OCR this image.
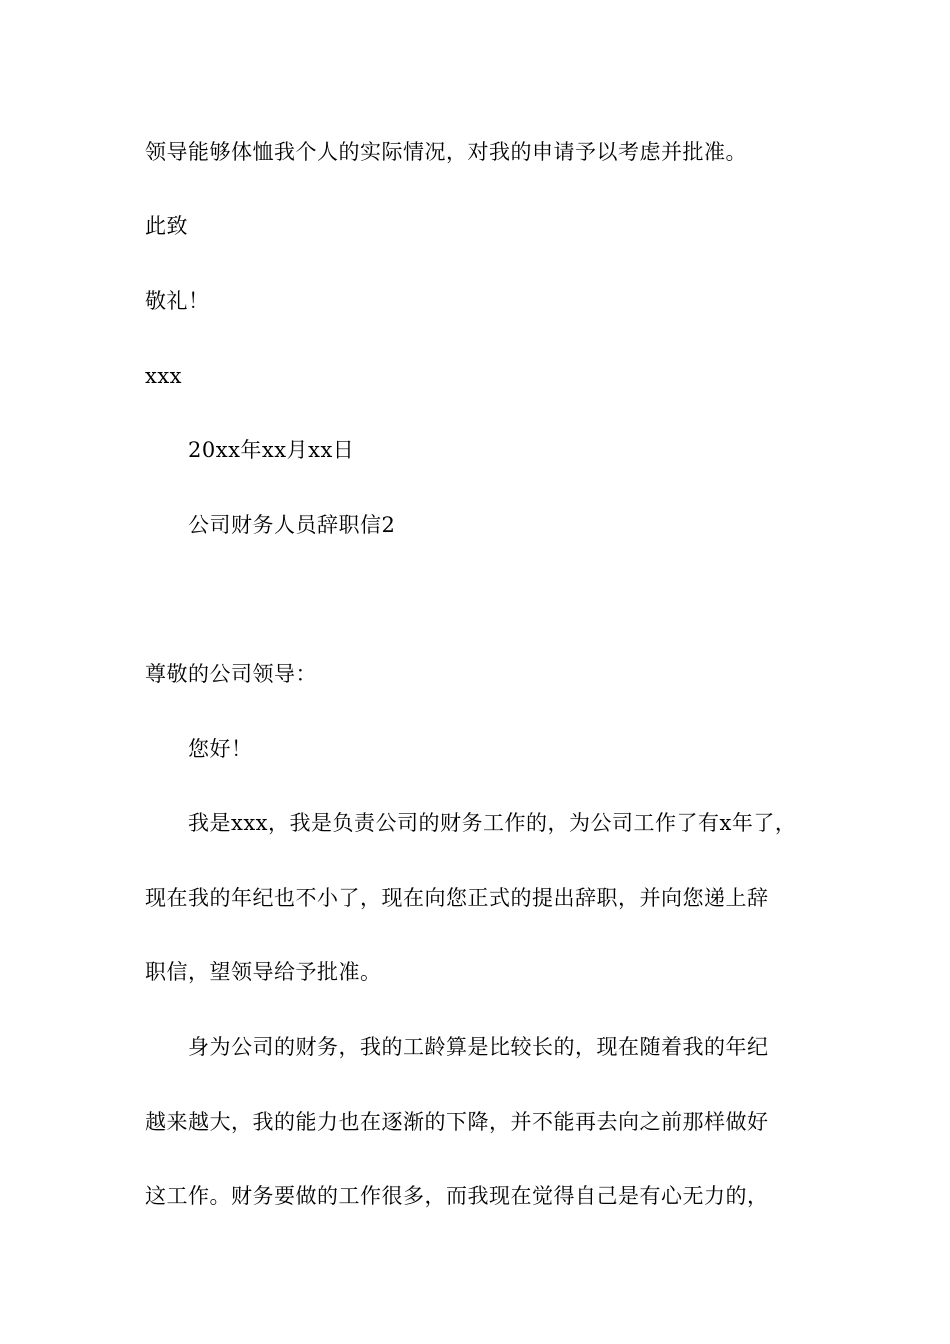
领导能够体恤我个人的实际情况，对我的申请予以考虑并批准。
此致
敬礼！
xxx
20xx年xx月xx日
公司财务人员辞职信2
尊敬的公司领导：
您好！
我是xxx，我是负责公司的财务工作的，为公司工作了有x年了，
现在我的年纪也不小了，现在向您正式的提出辞职，并向您递上辞
职信，望领导给予批准。
身为公司的财务，我的工龄算是比较长的，现在随着我的年纪
越来越大，我的能力也在逐渐的下降，并不能再去向之前那样做好
这工作。财务要做的工作很多，而我现在觉得自己是有心无力的，
